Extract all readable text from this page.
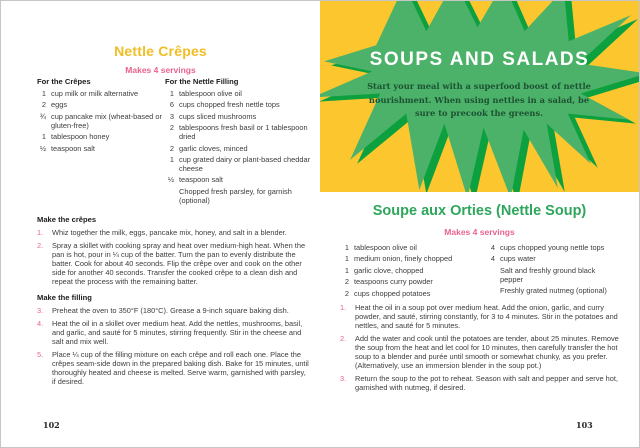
Nettle Crêpes
Makes 4 servings
For the Crêpes
1 cup milk or milk alternative
2 eggs
¾ cup pancake mix (wheat-based or gluten-free)
1 tablespoon honey
½ teaspoon salt
For the Nettle Filling
1 tablespoon olive oil
6 cups chopped fresh nettle tops
3 cups sliced mushrooms
2 tablespoons fresh basil or 1 tablespoon dried
2 garlic cloves, minced
1 cup grated dairy or plant-based cheddar cheese
½ teaspoon salt
Chopped fresh parsley, for garnish (optional)
Make the crêpes
1.	Whiz together the milk, eggs, pancake mix, honey, and salt in a blender.
2.	Spray a skillet with cooking spray and heat over medium-high heat. When the pan is hot, pour in ¼ cup of the batter. Turn the pan to evenly distribute the batter. Cook for about 40 seconds. Flip the crêpe over and cook on the other side for another 40 seconds. Transfer the cooked crêpe to a clean dish and repeat the process with the remaining batter.
Make the filling
3.	Preheat the oven to 350°F (180°C). Grease a 9-inch square baking dish.
4.	Heat the oil in a skillet over medium heat. Add the nettles, mushrooms, basil, and garlic, and sauté for 5 minutes, stirring frequently. Stir in the cheese and salt and mix well.
5.	Place ¼ cup of the filling mixture on each crêpe and roll each one. Place the crêpes seam-side down in the prepared baking dish. Bake for 15 minutes, until thoroughly heated and cheese is melted. Serve warm, garnished with parsley, if desired.
102
SOUPS AND SALADS
Start your meal with a superfood boost of nettle nourishment. When using nettles in a salad, be sure to precook the greens.
Soupe aux Orties (Nettle Soup)
Makes 4 servings
1 tablespoon olive oil
1 medium onion, finely chopped
1 garlic clove, chopped
2 teaspoons curry powder
2 cups chopped potatoes
4 cups chopped young nettle tops
4 cups water
Salt and freshly ground black pepper
Freshly grated nutmeg (optional)
1.	Heat the oil in a soup pot over medium heat. Add the onion, garlic, and curry powder, and sauté, stirring constantly, for 3 to 4 minutes. Stir in the potatoes and nettles, and sauté for 5 minutes.
2.	Add the water and cook until the potatoes are tender, about 25 minutes. Remove the soup from the heat and let cool for 10 minutes, then carefully transfer the hot soup to a blender and purée until smooth or somewhat chunky, as you prefer. (Alternatively, use an immersion blender in the soup pot.)
3.	Return the soup to the pot to reheat. Season with salt and pepper and serve hot, garnished with nutmeg, if desired.
103
